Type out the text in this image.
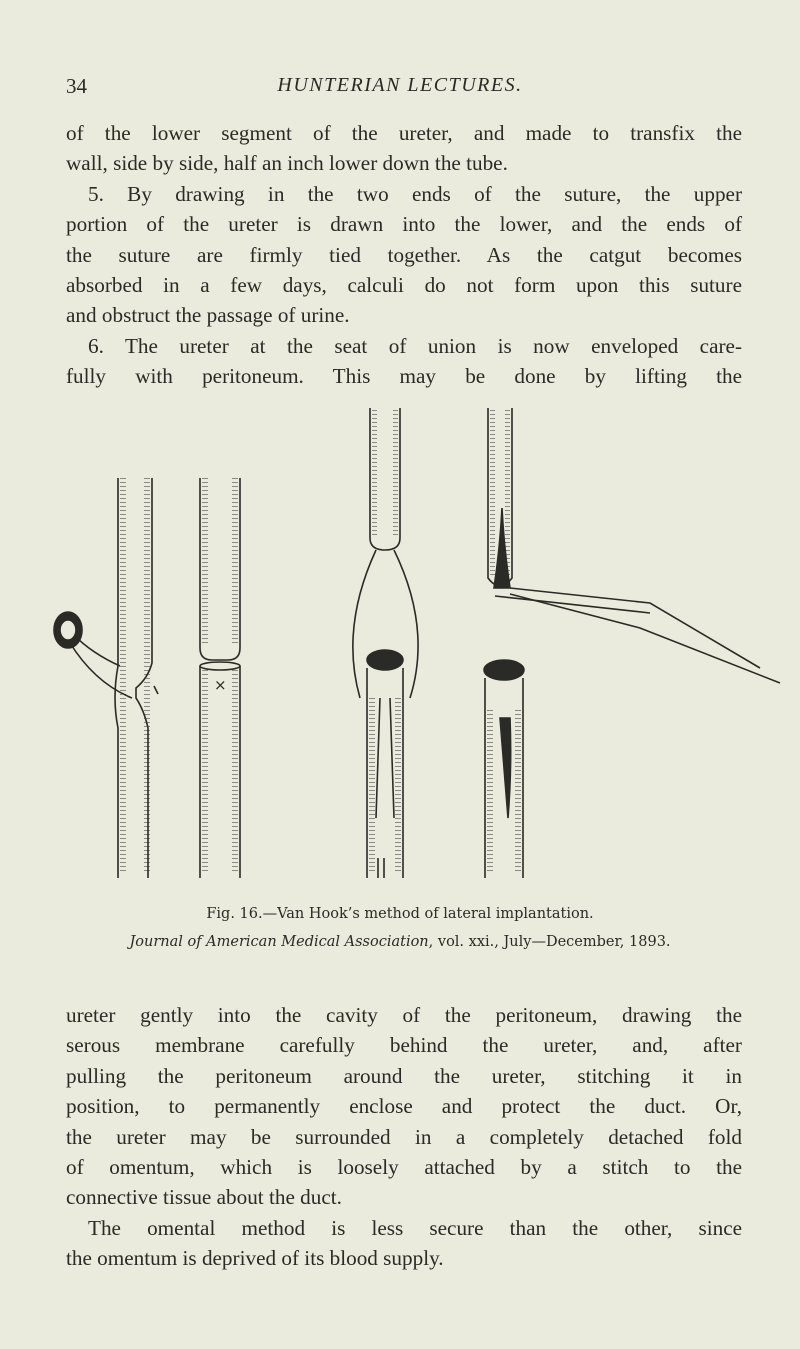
34	HUNTERIAN LECTURES.
of the lower segment of the ureter, and made to transfix the
wall, side by side, half an inch lower down the tube.
5. By drawing in the two ends of the suture, the upper
portion of the ureter is drawn into the lower, and the ends of
the suture are firmly tied together. As the catgut becomes
absorbed in a few days, calculi do not form upon this suture
and obstruct the passage of urine.
6. The ureter at the seat of union is now enveloped care-
fully with peritoneum. This may be done by lifting the
×
Fig. 16.—Van Hook’s method of lateral implantation.
Journal of American Medical Association, vol. xxi., July—December, 1893.
ureter gently into the cavity of the peritoneum, drawing the
serous membrane carefully behind the ureter, and, after
pulling the peritoneum around the ureter, stitching it in
position, to permanently enclose and protect the duct. Or,
the ureter may be surrounded in a completely detached fold
of omentum, which is loosely attached by a stitch to the
connective tissue about the duct.
The omental method is less secure than the other, since
the omentum is deprived of its blood supply.
